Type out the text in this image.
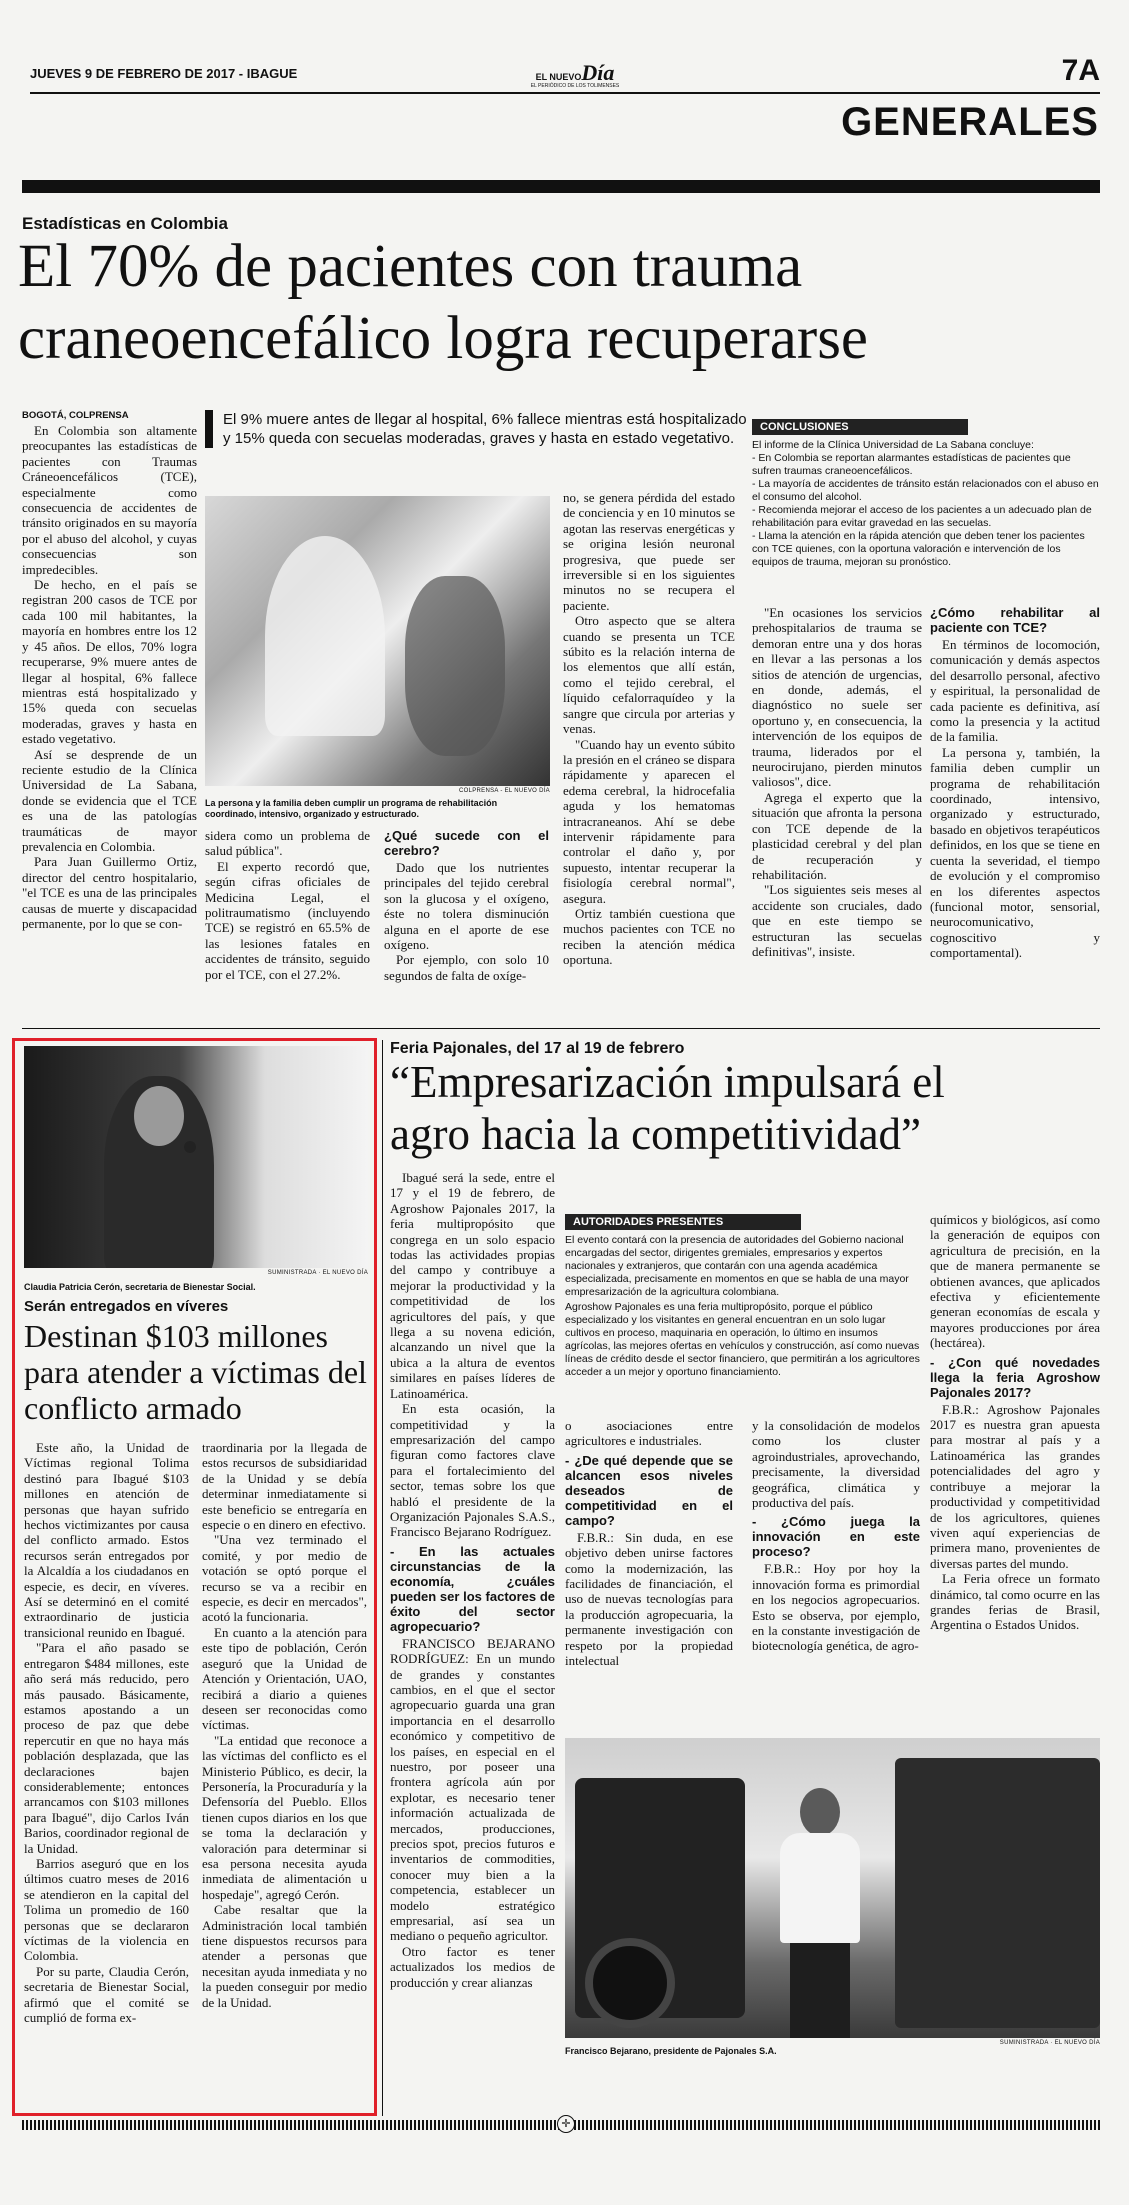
JUEVES 9 DE FEBRERO DE 2017 - IBAGUE	EL NUEVODía
EL PERIÓDICO DE LOS TOLIMENSES	7A
GENERALES
Estadísticas en Colombia
El 70% de pacientes con trauma
craneoencefálico logra recuperarse
BOGOTÁ, COLPRENSA

En Colombia son altamente preocupantes las estadísticas de pacientes con Traumas Cráneoencefálicos (TCE), especialmente como consecuencia de accidentes de tránsito originados en su mayoría por el abuso del alcohol, y cuyas consecuencias son impredecibles.

De hecho, en el país se registran 200 casos de TCE por cada 100 mil habitantes, la mayoría en hombres entre los 12 y 45 años. De ellos, 70% logra recuperarse, 9% muere antes de llegar al hospital, 6% fallece mientras está hospitalizado y 15% queda con secuelas moderadas, graves y hasta en estado vegetativo.

Así se desprende de un reciente estudio de la Clínica Universidad de La Sabana, donde se evidencia que el TCE es una de las patologías traumáticas de mayor prevalencia en Colombia.

Para Juan Guillermo Ortiz, director del centro hospitalario, "el TCE es una de las principales causas de muerte y discapacidad permanente, por lo que se con-

El 9% muere antes de llegar al hospital, 6% fallece mientras está hospitalizado y 15% queda con secuelas moderadas, graves y hasta en estado vegetativo.
COLPRENSA - EL NUEVO DÍA
La persona y la familia deben cumplir un programa de rehabilitación coordinado, intensivo, organizado y estructurado.

sidera como un problema de salud pública".

El experto recordó que, según cifras oficiales de Medicina Legal, el politraumatismo (incluyendo TCE) se registró en 65.5% de las lesiones fatales en accidentes de tránsito, seguido por el TCE, con el 27.2%.

¿Qué sucede con el cerebro?

Dado que los nutrientes principales del tejido cerebral son la glucosa y el oxígeno, éste no tolera disminución alguna en el aporte de ese oxígeno.

Por ejemplo, con solo 10 segundos de falta de oxíge-

no, se genera pérdida del estado de conciencia y en 10 minutos se agotan las reservas energéticas y se origina lesión neuronal progresiva, que puede ser irreversible si en los siguientes minutos no se recupera el paciente.

Otro aspecto que se altera cuando se presenta un TCE súbito es la relación interna de los elementos que allí están, como el tejido cerebral, el líquido cefalorraquídeo y la sangre que circula por arterias y venas.

"Cuando hay un evento súbito la presión en el cráneo se dispara rápidamente y aparecen el edema cerebral, la hidrocefalia aguda y los hematomas intracraneanos. Ahí se debe intervenir rápidamente para controlar el daño y, por supuesto, intentar recuperar la fisiología cerebral normal", asegura.

Ortiz también cuestiona que muchos pacientes con TCE no reciben la atención médica oportuna.

CONCLUSIONES
El informe de la Clínica Universidad de La Sabana concluye:
- En Colombia se reportan alarmantes estadísticas de pacientes que sufren traumas craneoencefálicos.
- La mayoría de accidentes de tránsito están relacionados con el abuso en el consumo del alcohol.
- Recomienda mejorar el acceso de los pacientes a un adecuado plan de rehabilitación para evitar gravedad en las secuelas.
- Llama la atención en la rápida atención que deben tener los pacientes con TCE quienes, con la oportuna valoración e intervención de los equipos de trauma, mejoran su pronóstico.

"En ocasiones los servicios prehospitalarios de trauma se demoran entre una y dos horas en llevar a las personas a los sitios de atención de urgencias, en donde, además, el diagnóstico no suele ser oportuno y, en consecuencia, la intervención de los equipos de trauma, liderados por el neurocirujano, pierden minutos valiosos", dice.

Agrega el experto que la situación que afronta la persona con TCE depende de la plasticidad cerebral y del plan de recuperación y rehabilitación.

"Los siguientes seis meses al accidente son cruciales, dado que en este tiempo se estructuran las secuelas definitivas", insiste.

¿Cómo rehabilitar al paciente con TCE?

En términos de locomoción, comunicación y demás aspectos del desarrollo personal, afectivo y espiritual, la personalidad de cada paciente es definitiva, así como la presencia y la actitud de la familia.

La persona y, también, la familia deben cumplir un programa de rehabilitación coordinado, intensivo, organizado y estructurado, basado en objetivos terapéuticos definidos, en los que se tiene en cuenta la severidad, el tiempo de evolución y el compromiso en los diferentes aspectos (funcional motor, sensorial, neurocomunicativo, cognoscitivo y comportamental).

SUMINISTRADA · EL NUEVO DÍA
Claudia Patricia Cerón, secretaria de Bienestar Social.
Serán entregados en víveres
Destinan $103 millones para atender a víctimas del conflicto armado

Este año, la Unidad de Víctimas regional Tolima destinó para Ibagué $103 millones en atención de personas que hayan sufrido hechos victimizantes por causa del conflicto armado. Estos recursos serán entregados por la Alcaldía a los ciudadanos en especie, es decir, en víveres. Así se determinó en el comité extraordinario de justicia transicional reunido en Ibagué.

"Para el año pasado se entregaron $484 millones, este año será más reducido, pero más pausado. Básicamente, estamos apostando a un proceso de paz que debe repercutir en que no haya más población desplazada, que las declaraciones bajen considerablemente; entonces arrancamos con $103 millones para Ibagué", dijo Carlos Iván Barios, coordinador regional de la Unidad.

Barrios aseguró que en los últimos cuatro meses de 2016 se atendieron en la capital del Tolima un promedio de 160 personas que se declararon víctimas de la violencia en Colombia.

Por su parte, Claudia Cerón, secretaria de Bienestar Social, afirmó que el comité se cumplió de forma ex-

traordinaria por la llegada de estos recursos de subsidiaridad de la Unidad y se debía determinar inmediatamente si este beneficio se entregaría en especie o en dinero en efectivo.

"Una vez terminado el comité, y por medio de votación se optó porque el recurso se va a recibir en especie, es decir en mercados", acotó la funcionaria.

En cuanto a la atención para este tipo de población, Cerón aseguró que la Unidad de Atención y Orientación, UAO, recibirá a diario a quienes deseen ser reconocidas como víctimas.

"La entidad que reconoce a las víctimas del conflicto es el Ministerio Público, es decir, la Personería, la Procuraduría y la Defensoría del Pueblo. Ellos tienen cupos diarios en los que se toma la declaración y valoración para determinar si esa persona necesita ayuda inmediata de alimentación u hospedaje", agregó Cerón.

Cabe resaltar que la Administración local también tiene dispuestos recursos para atender a personas que necesitan ayuda inmediata y no la pueden conseguir por medio de la Unidad.

Feria Pajonales, del 17 al 19 de febrero
“Empresarización impulsará el
agro hacia la competitividad”

Ibagué será la sede, entre el 17 y el 19 de febrero, de Agroshow Pajonales 2017, la feria multipropósito que congrega en un solo espacio todas las actividades propias del campo y contribuye a mejorar la productividad y la competitividad de los agricultores del país, y que llega a su novena edición, alcanzando un nivel que la ubica a la altura de eventos similares en países líderes de Latinoamérica.

En esta ocasión, la competitividad y la empresarización del campo figuran como factores clave para el fortalecimiento del sector, temas sobre los que habló el presidente de la Organización Pajonales S.A.S., Francisco Bejarano Rodríguez.

- En las actuales circunstancias de la economía, ¿cuáles pueden ser los factores de éxito del sector agropecuario?

FRANCISCO BEJARANO RODRÍGUEZ: En un mundo de grandes y constantes cambios, en el que el sector agropecuario guarda una gran importancia en el desarrollo económico y competitivo de los países, en especial en el nuestro, por poseer una frontera agrícola aún por explotar, es necesario tener información actualizada de mercados, producciones, precios spot, precios futuros e inventarios de commodities, conocer muy bien a la competencia, establecer un modelo estratégico empresarial, así sea un mediano o pequeño agricultor.

Otro factor es tener actualizados los medios de producción y crear alianzas

AUTORIDADES PRESENTES
El evento contará con la presencia de autoridades del Gobierno nacional encargadas del sector, dirigentes gremiales, empresarios y expertos nacionales y extranjeros, que contarán con una agenda académica especializada, precisamente en momentos en que se habla de una mayor empresarización de la agricultura colombiana.
Agroshow Pajonales es una feria multipropósito, porque el público especializado y los visitantes en general encuentran en un solo lugar cultivos en proceso, maquinaria en operación, lo último en insumos agrícolas, las mejores ofertas en vehículos y construcción, así como nuevas líneas de crédito desde el sector financiero, que permitirán a los agricultores acceder a un mejor y oportuno financiamiento.

o asociaciones entre agricultores e industriales.

- ¿De qué depende que se alcancen esos niveles deseados de competitividad en el campo?

F.B.R.: Sin duda, en ese objetivo deben unirse factores como la modernización, las facilidades de financiación, el uso de nuevas tecnologías para la producción agropecuaria, la permanente investigación con respeto por la propiedad intelectual

y la consolidación de modelos como los cluster agroindustriales, aprovechando, precisamente, la diversidad geográfica, climática y productiva del país.

- ¿Cómo juega la innovación en este proceso?

F.B.R.: Hoy por hoy la innovación forma es primordial en los negocios agropecuarios. Esto se observa, por ejemplo, en la constante investigación de biotecnología genética, de agro-

químicos y biológicos, así como la generación de equipos con agricultura de precisión, en la que de manera permanente se obtienen avances, que aplicados efectiva y eficientemente generan economías de escala y mayores producciones por área (hectárea).

- ¿Con qué novedades llega la feria Agroshow Pajonales 2017?

F.B.R.: Agroshow Pajonales 2017 es nuestra gran apuesta para mostrar al país y a Latinoamérica las grandes potencialidades del agro y contribuye a mejorar la productividad y competitividad de los agricultores, quienes viven aquí experiencias de primera mano, provenientes de diversas partes del mundo.

La Feria ofrece un formato dinámico, tal como ocurre en las grandes ferias de Brasil, Argentina o Estados Unidos.

Francisco Bejarano, presidente de Pajonales S.A.
SUMINISTRADA · EL NUEVO DÍA
✛
